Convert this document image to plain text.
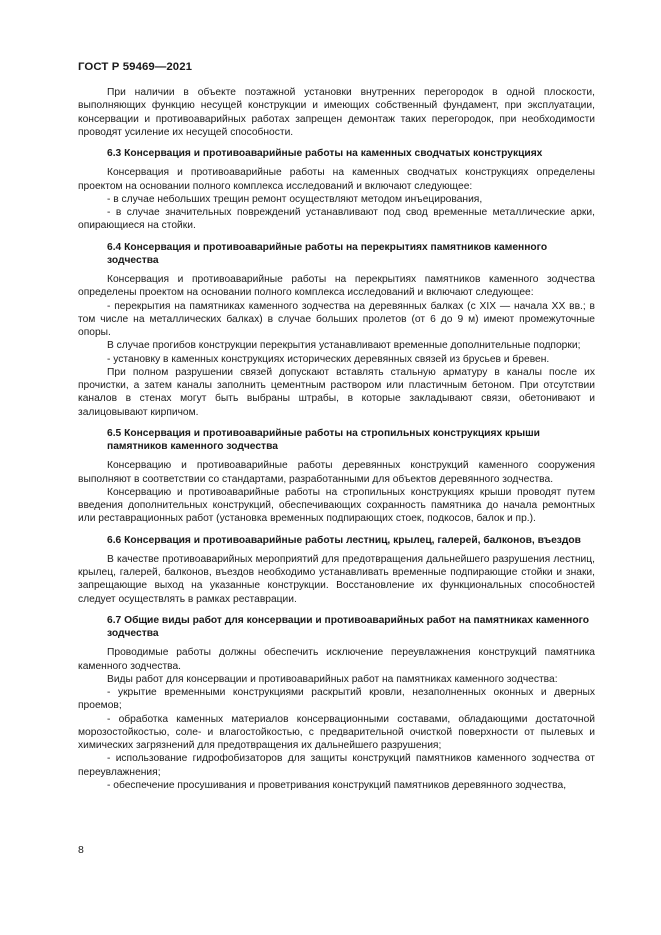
ГОСТ Р 59469—2021

При наличии в объекте поэтажной установки внутренних перегородок в одной плоскости, выполняющих функцию несущей конструкции и имеющих собственный фундамент, при эксплуатации, консервации и противоаварийных работах запрещен демонтаж таких перегородок, при необходимости проводят усиление их несущей способности.

6.3 Консервация и противоаварийные работы на каменных сводчатых конструкциях

Консервация и противоаварийные работы на каменных сводчатых конструкциях определены проектом на основании полного комплекса исследований и включают следующее:

- в случае небольших трещин ремонт осуществляют методом инъецирования,

- в случае значительных повреждений устанавливают под свод временные металлические арки, опирающиеся на стойки.

6.4 Консервация и противоаварийные работы на перекрытиях памятников каменного зодчества

Консервация и противоаварийные работы на перекрытиях памятников каменного зодчества определены проектом на основании полного комплекса исследований и включают следующее:

- перекрытия на памятниках каменного зодчества на деревянных балках (с XIX — начала XX вв.; в том числе на металлических балках) в случае больших пролетов (от 6 до 9 м) имеют промежуточные опоры.

В случае прогибов конструкции перекрытия устанавливают временные дополнительные подпорки;

- установку в каменных конструкциях исторических деревянных связей из брусьев и бревен.

При полном разрушении связей допускают вставлять стальную арматуру в каналы после их прочистки, а затем каналы заполнить цементным раствором или пластичным бетоном. При отсутствии каналов в стенах могут быть выбраны штрабы, в которые закладывают связи, обетонивают и залицовывают кирпичом.

6.5 Консервация и противоаварийные работы на стропильных конструкциях крыши памятников каменного зодчества

Консервацию и противоаварийные работы деревянных конструкций каменного сооружения выполняют в соответствии со стандартами, разработанными для объектов деревянного зодчества.

Консервацию и противоаварийные работы на стропильных конструкциях крыши проводят путем введения дополнительных конструкций, обеспечивающих сохранность памятника до начала ремонтных или реставрационных работ (установка временных подпирающих стоек, подкосов, балок и пр.).

6.6 Консервация и противоаварийные работы лестниц, крылец, галерей, балконов, въездов

В качестве противоаварийных мероприятий для предотвращения дальнейшего разрушения лестниц, крылец, галерей, балконов, въездов необходимо устанавливать временные подпирающие стойки и знаки, запрещающие выход на указанные конструкции. Восстановление их функциональных способностей следует осуществлять в рамках реставрации.

6.7 Общие виды работ для консервации и противоаварийных работ на памятниках каменного зодчества

Проводимые работы должны обеспечить исключение переувлажнения конструкций памятника каменного зодчества.

Виды работ для консервации и противоаварийных работ на памятниках каменного зодчества:

- укрытие временными конструкциями раскрытий кровли, незаполненных оконных и дверных проемов;

- обработка каменных материалов консервационными составами, обладающими достаточной морозостойкостью, соле- и влагостойкостью, с предварительной очисткой поверхности от пылевых и химических загрязнений для предотвращения их дальнейшего разрушения;

- использование гидрофобизаторов для защиты конструкций памятников каменного зодчества от переувлажнения;

- обеспечение просушивания и проветривания конструкций памятников деревянного зодчества,

8
